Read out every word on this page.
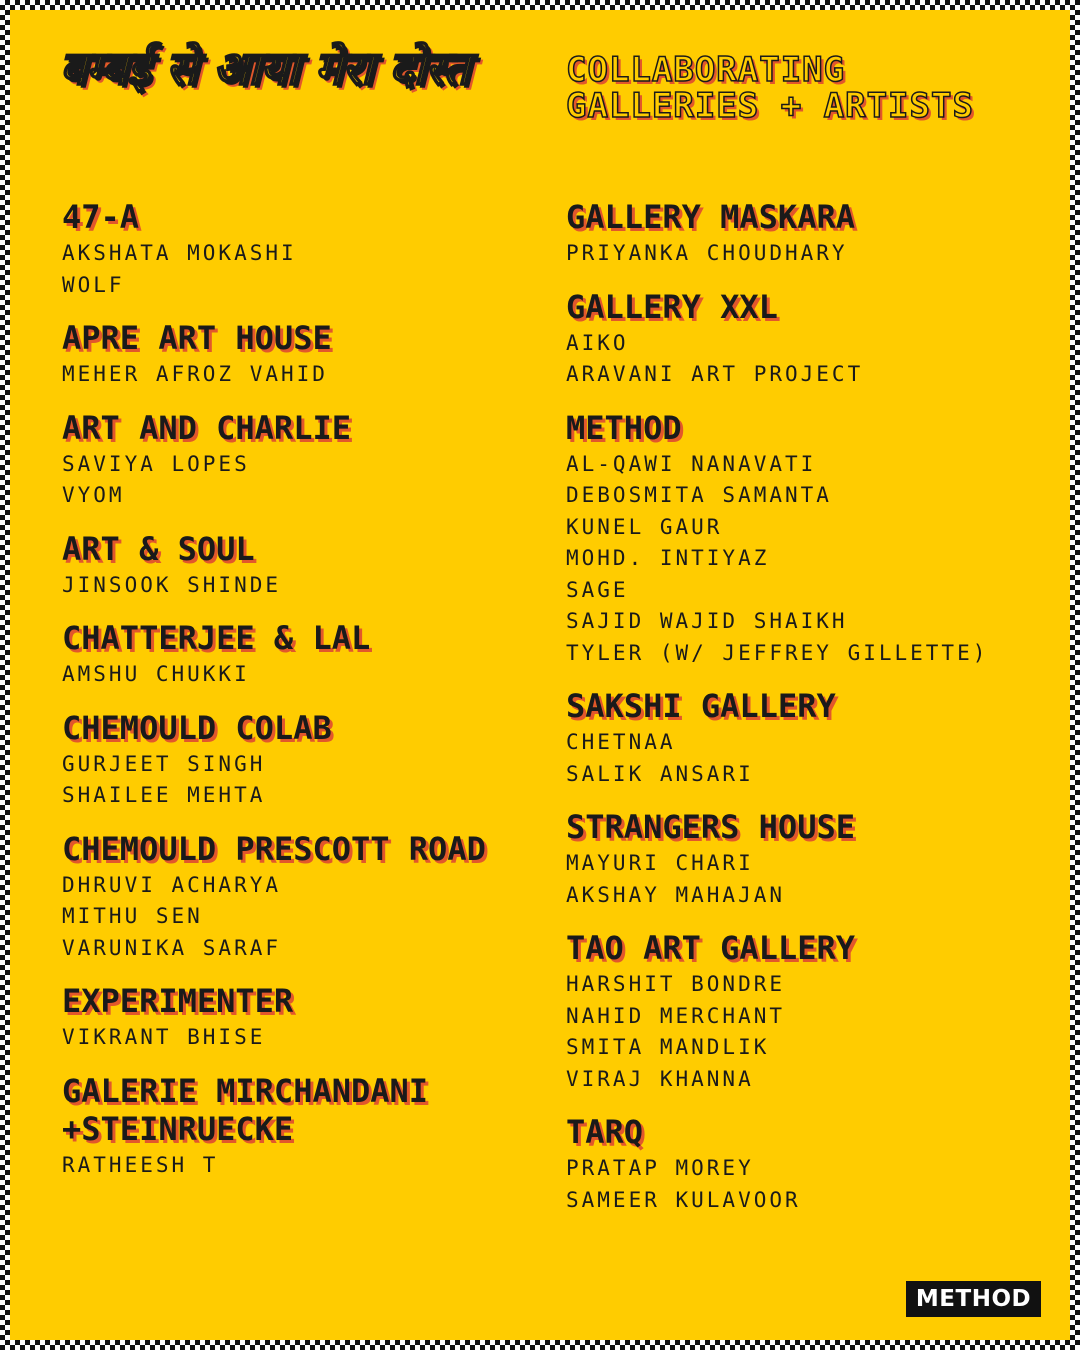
बम्बई से आया मेरा दोस्त	COLLABORATING
GALLERIES + ARTISTS
47-A
AKSHATA MOKASHI
WOLF
APRE ART HOUSE
MEHER AFROZ VAHID
ART AND CHARLIE
SAVIYA LOPES
VYOM
ART & SOUL
JINSOOK SHINDE
CHATTERJEE & LAL
AMSHU CHUKKI
CHEMOULD COLAB
GURJEET SINGH
SHAILEE MEHTA
CHEMOULD PRESCOTT ROAD
DHRUVI ACHARYA
MITHU SEN
VARUNIKA SARAF
EXPERIMENTER
VIKRANT BHISE
GALERIE MIRCHANDANI +STEINRUECKE
RATHEESH T
GALLERY MASKARA
PRIYANKA CHOUDHARY
GALLERY XXL
AIKO
ARAVANI ART PROJECT
METHOD
AL-QAWI NANAVATI
DEBOSMITA SAMANTA
KUNEL GAUR
MOHD. INTIYAZ
SAGE
SAJID WAJID SHAIKH
TYLER (W/ JEFFREY GILLETTE)
SAKSHI GALLERY
CHETNAA
SALIK ANSARI
STRANGERS HOUSE
MAYURI CHARI
AKSHAY MAHAJAN
TAO ART GALLERY
HARSHIT BONDRE
NAHID MERCHANT
SMITA MANDLIK
VIRAJ KHANNA
TARQ
PRATAP MOREY
SAMEER KULAVOOR
METHOD
